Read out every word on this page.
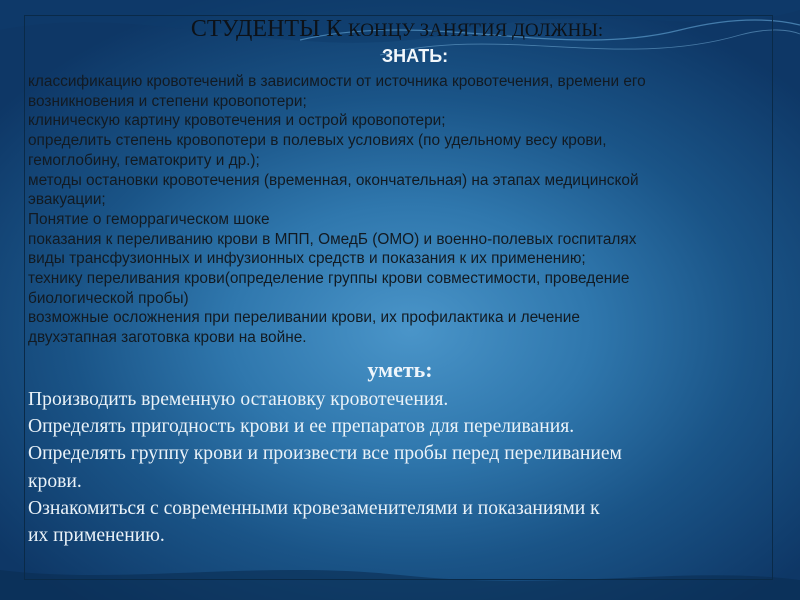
СТУДЕНТЫ К КОНЦУ ЗАНЯТИЯ ДОЛЖНЫ:
ЗНАТЬ:
классификацию кровотечений в зависимости от источника кровотечения, времени его
возникновения и степени кровопотери;
клиническую картину кровотечения и острой кровопотери;
определить степень кровопотери в полевых условиях (по удельному весу крови,
гемоглобину, гематокриту и др.);
методы остановки кровотечения (временная, окончательная) на этапах медицинской
эвакуации;
Понятие о геморрагическом шоке
показания к переливанию крови в МПП, ОмедБ (ОМО) и военно-полевых госпиталях
виды трансфузионных и инфузионных средств и показания к их применению;
технику переливания крови(определение группы крови совместимости, проведение
биологической пробы)
возможные осложнения при переливании крови, их профилактика и лечение
двухэтапная заготовка крови на войне.
уметь:
Производить временную остановку кровотечения.
Определять пригодность крови и ее препаратов для переливания.
Определять группу крови и произвести все пробы перед переливанием
крови.
Ознакомиться с современными кровезаменителями и показаниями к
их применению.
